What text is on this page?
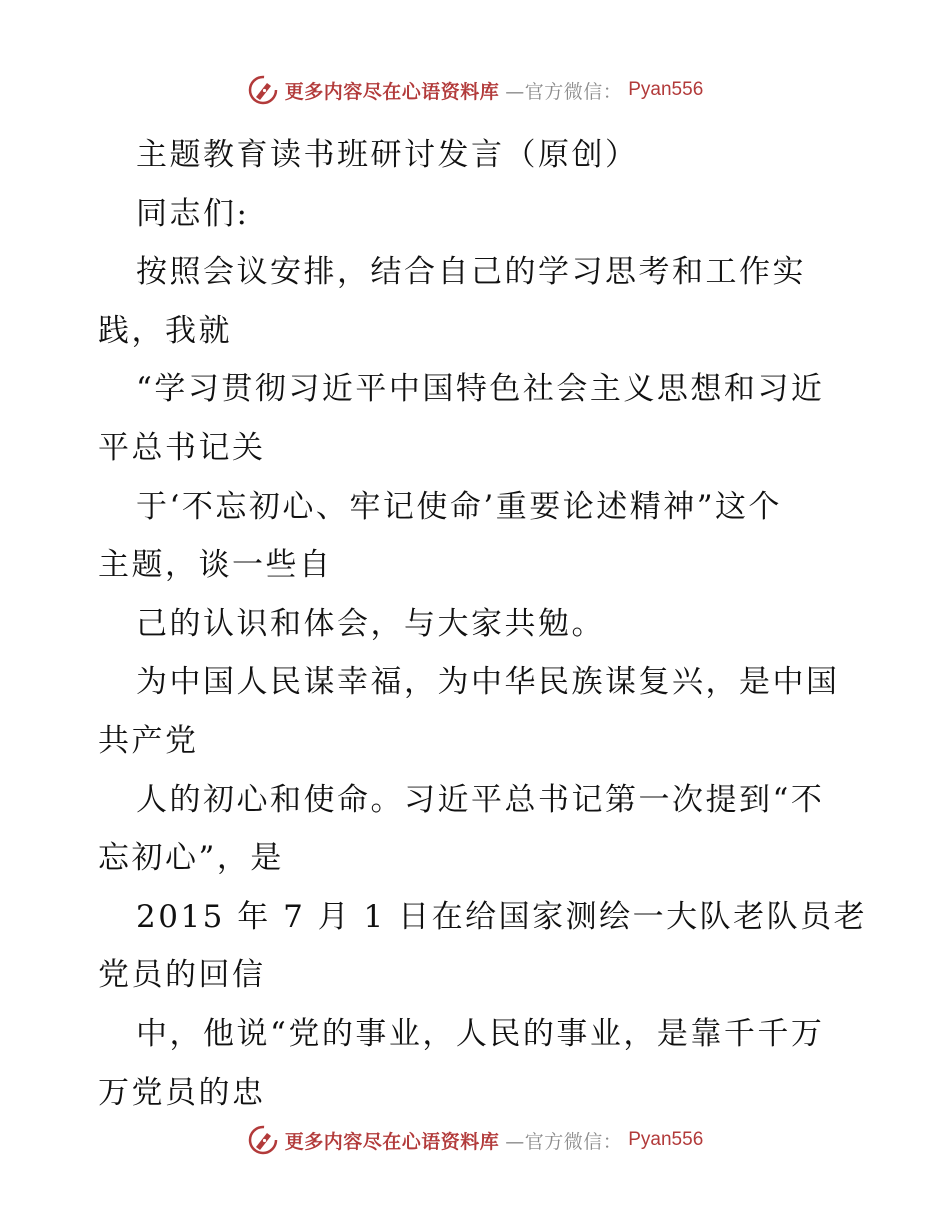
更多内容尽在心语资料库 —官方微信： Pyan556
主题教育读书班研讨发言（原创）
同志们:
按照会议安排，结合自己的学习思考和工作实
践，我就
“学习贯彻习近平中国特色社会主义思想和习近
平总书记关
于‘不忘初心、牢记使命’重要论述精神”这个
主题，谈一些自
己的认识和体会，与大家共勉。
为中国人民谋幸福，为中华民族谋复兴，是中国
共产党
人的初心和使命。习近平总书记第一次提到“不
忘初心”，是
2015 年 7 月 1 日在给国家测绘一大队老队员老
党员的回信
中，他说“党的事业，人民的事业，是靠千千万
万党员的忠
更多内容尽在心语资料库 —官方微信： Pyan556
